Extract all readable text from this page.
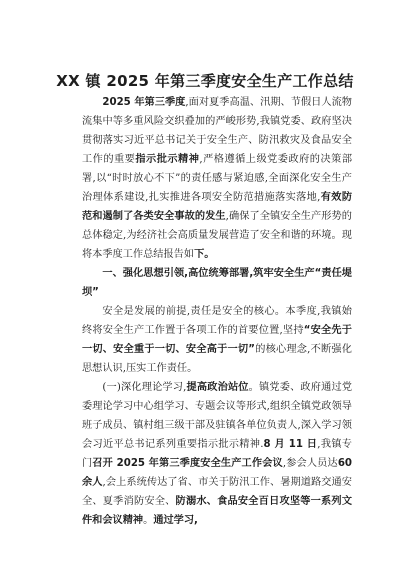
XX 镇 2025 年第三季度安全生产工作总结

2025 年第三季度,面对夏季高温、汛期、节假日人流物流集中等多重风险交织叠加的严峻形势,我镇党委、政府坚决贯彻落实习近平总书记关于安全生产、防汛救灾及食品安全工作的重要指示批示精神,严格遵循上级党委政府的决策部署,以“时时放心不下”的责任感与紧迫感,全面深化安全生产治理体系建设,扎实推进各项安全防范措施落实落地,有效防范和遏制了各类安全事故的发生,确保了全镇安全生产形势的总体稳定,为经济社会高质量发展营造了安全和谐的环境。现将本季度工作总结报告如下。

一、强化思想引领,高位统筹部署,筑牢安全生产“责任堤坝”

安全是发展的前提,责任是安全的核心。本季度,我镇始终将安全生产工作置于各项工作的首要位置,坚持“安全先于一切、安全重于一切、安全高于一切”的核心理念,不断强化思想认识,压实工作责任。

(一)深化理论学习,提高政治站位。镇党委、政府通过党委理论学习中心组学习、专题会议等形式,组织全镇党政领导班子成员、镇村组三级干部及驻镇各单位负责人,深入学习领会习近平总书记系列重要指示批示精神.8 月 11 日,我镇专门召开 2025 年第三季度安全生产工作会议,参会人员达60 余人,会上系统传达了省、市关于防汛工作、暑期道路交通安全、夏季消防安全、防溺水、食品安全百日攻坚等一系列文件和会议精神。通过学习,
